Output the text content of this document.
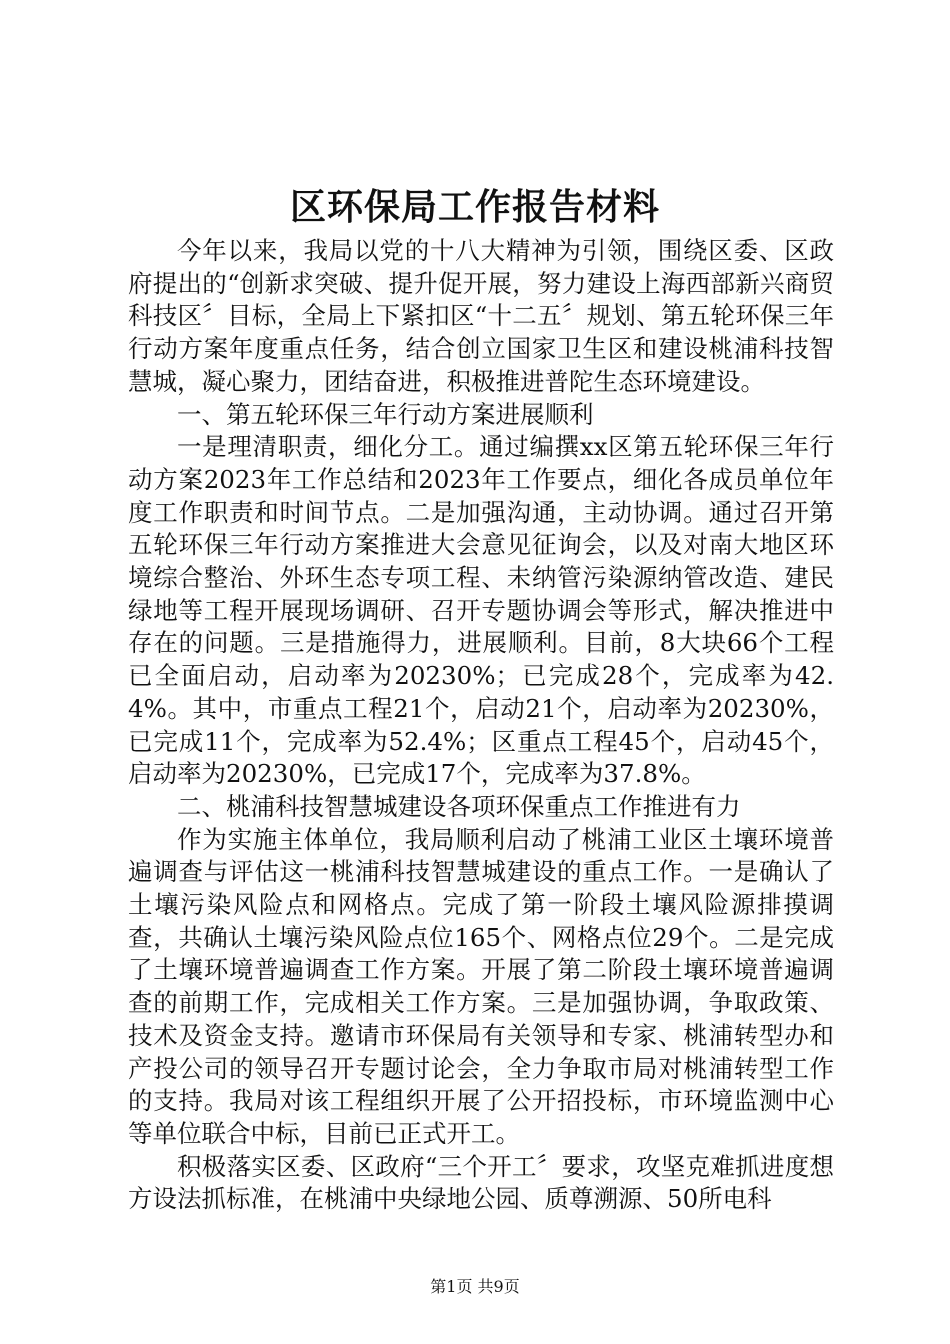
区环保局工作报告材料

今年以来，我局以党的十八大精神为引领，围绕区委、区政府提出的“创新求突破、提升促开展，努力建设上海西部新兴商贸科技区〞目标，全局上下紧扣区“十二五〞规划、第五轮环保三年行动方案年度重点任务，结合创立国家卫生区和建设桃浦科技智慧城，凝心聚力，团结奋进，积极推进普陀生态环境建设。

一、第五轮环保三年行动方案进展顺利

一是理清职责，细化分工。通过编撰xx区第五轮环保三年行动方案2023年工作总结和2023年工作要点，细化各成员单位年度工作职责和时间节点。二是加强沟通，主动协调。通过召开第五轮环保三年行动方案推进大会意见征询会，以及对南大地区环境综合整治、外环生态专项工程、未纳管污染源纳管改造、建民绿地等工程开展现场调研、召开专题协调会等形式，解决推进中存在的问题。三是措施得力，进展顺利。目前，8大块66个工程已全面启动，启动率为20230%；已完成28个，完成率为42.4%。其中，市重点工程21个，启动21个，启动率为20230%，已完成11个，完成率为52.4%；区重点工程45个，启动45个，启动率为20230%，已完成17个，完成率为37.8%。

二、桃浦科技智慧城建设各项环保重点工作推进有力

作为实施主体单位，我局顺利启动了桃浦工业区土壤环境普遍调查与评估这一桃浦科技智慧城建设的重点工作。一是确认了土壤污染风险点和网格点。完成了第一阶段土壤风险源排摸调查，共确认土壤污染风险点位165个、网格点位29个。二是完成了土壤环境普遍调查工作方案。开展了第二阶段土壤环境普遍调查的前期工作，完成相关工作方案。三是加强协调，争取政策、技术及资金支持。邀请市环保局有关领导和专家、桃浦转型办和产投公司的领导召开专题讨论会，全力争取市局对桃浦转型工作的支持。我局对该工程组织开展了公开招投标，市环境监测中心等单位联合中标，目前已正式开工。

积极落实区委、区政府“三个开工〞要求，攻坚克难抓进度想方设法抓标准，在桃浦中央绿地公园、质尊溯源、50所电科

第1页 共9页
